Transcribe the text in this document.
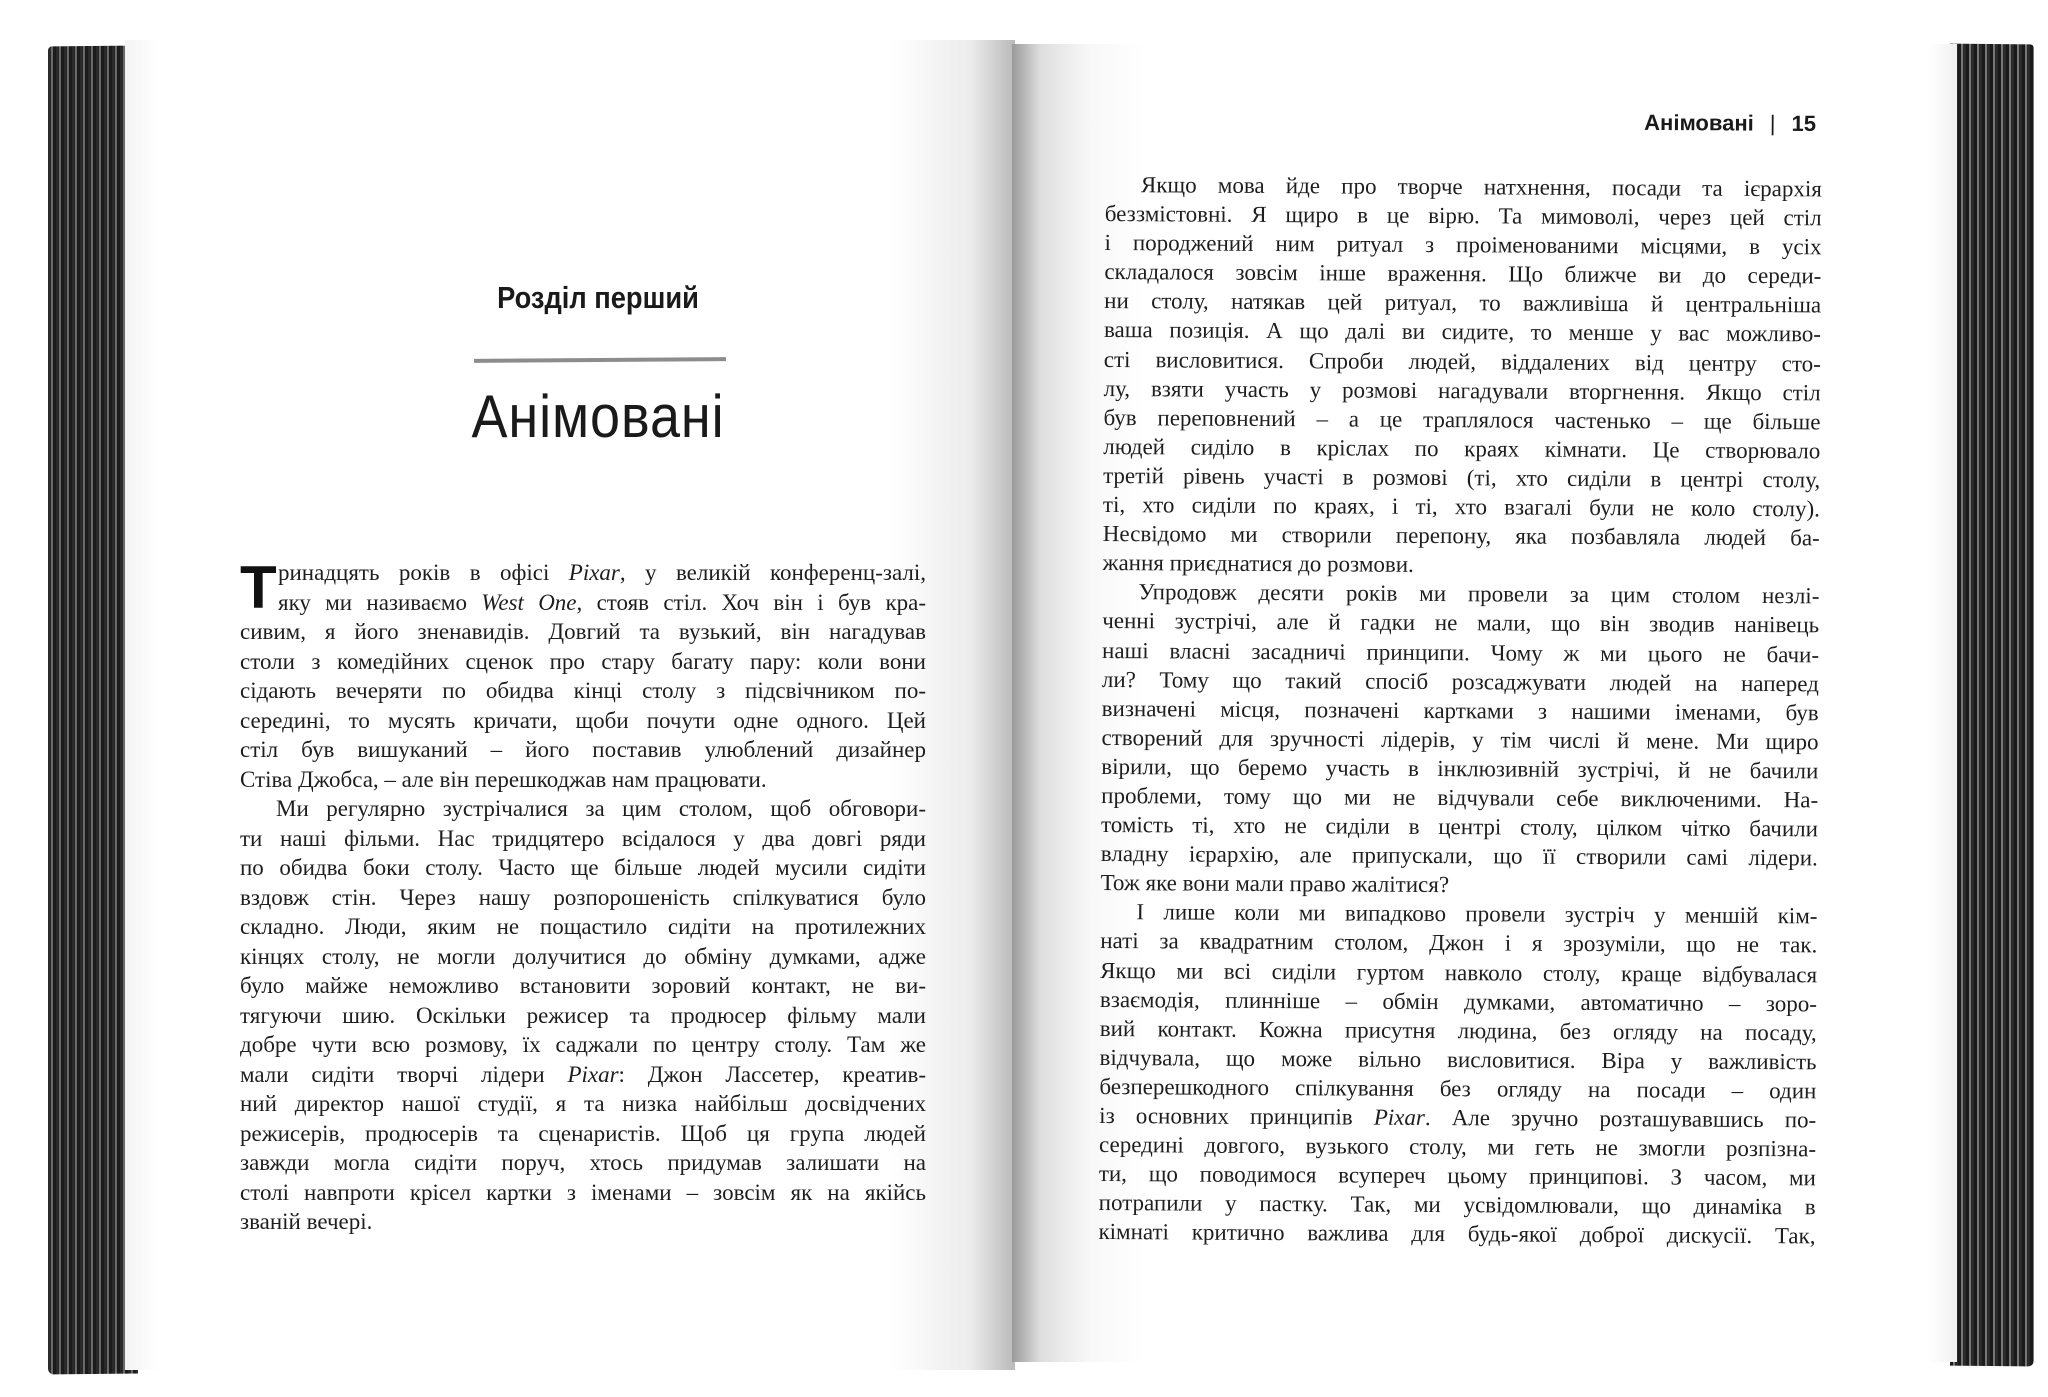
Розділ перший
Анімовані
Т ринадцять років в офісі Pixar, у великій конференц-залі,
яку ми називаємо West One, стояв стіл. Хоч він і був кра-
сивим, я його зненавидів. Довгий та вузький, він нагадував
столи з комедійних сценок про стару багату пару: коли вони
сідають вечеряти по обидва кінці столу з підсвічником по-
середині, то мусять кричати, щоби почути одне одного. Цей
стіл був вишуканий – його поставив улюблений дизайнер
Стіва Джобса, – але він перешкоджав нам працювати.
Ми регулярно зустрічалися за цим столом, щоб обговори-
ти наші фільми. Нас тридцятеро всідалося у два довгі ряди
по обидва боки столу. Часто ще більше людей мусили сидіти
вздовж стін. Через нашу розпорошеність спілкуватися було
складно. Люди, яким не пощастило сидіти на протилежних
кінцях столу, не могли долучитися до обміну думками, адже
було майже неможливо встановити зоровий контакт, не ви-
тягуючи шию. Оскільки режисер та продюсер фільму мали
добре чути всю розмову, їх саджали по центру столу. Там же
мали сидіти творчі лідери Pixar: Джон Лассетер, креатив-
ний директор нашої студії, я та низка найбільш досвідчених
режисерів, продюсерів та сценаристів. Щоб ця група людей
завжди могла сидіти поруч, хтось придумав залишати на
столі навпроти крісел картки з іменами – зовсім як на якійсь
званій вечері.
Анімовані | 15
Якщо мова йде про творче натхнення, посади та ієрархія
беззмістовні. Я щиро в це вірю. Та мимоволі, через цей стіл
і породжений ним ритуал з проіменованими місцями, в усіх
складалося зовсім інше враження. Що ближче ви до середи-
ни столу, натякав цей ритуал, то важливіша й центральніша
ваша позиція. А що далі ви сидите, то менше у вас можливо-
сті висловитися. Спроби людей, віддалених від центру сто-
лу, взяти участь у розмові нагадували вторгнення. Якщо стіл
був переповнений – а це траплялося частенько – ще більше
людей сиділо в кріслах по краях кімнати. Це створювало
третій рівень участі в розмові (ті, хто сиділи в центрі столу,
ті, хто сиділи по краях, і ті, хто взагалі були не коло столу).
Несвідомо ми створили перепону, яка позбавляла людей ба-
жання приєднатися до розмови.
Упродовж десяти років ми провели за цим столом незлі-
ченні зустрічі, але й гадки не мали, що він зводив нанівець
наші власні засадничі принципи. Чому ж ми цього не бачи-
ли? Тому що такий спосіб розсаджувати людей на наперед
визначені місця, позначені картками з нашими іменами, був
створений для зручності лідерів, у тім числі й мене. Ми щиро
вірили, що беремо участь в інклюзивній зустрічі, й не бачили
проблеми, тому що ми не відчували себе виключеними. На-
томість ті, хто не сиділи в центрі столу, цілком чітко бачили
владну ієрархію, але припускали, що її створили самі лідери.
Тож яке вони мали право жалітися?
І лише коли ми випадково провели зустріч у меншій кім-
наті за квадратним столом, Джон і я зрозуміли, що не так.
Якщо ми всі сиділи гуртом навколо столу, краще відбувалася
взаємодія, плинніше – обмін думками, автоматично – зоро-
вий контакт. Кожна присутня людина, без огляду на посаду,
відчувала, що може вільно висловитися. Віра у важливість
безперешкодного спілкування без огляду на посади – один
із основних принципів Pixar. Але зручно розташувавшись по-
середині довгого, вузького столу, ми геть не змогли розпізна-
ти, що поводимося всупереч цьому принципові. З часом, ми
потрапили у пастку. Так, ми усвідомлювали, що динаміка в
кімнаті критично важлива для будь-якої доброї дискусії. Так,
